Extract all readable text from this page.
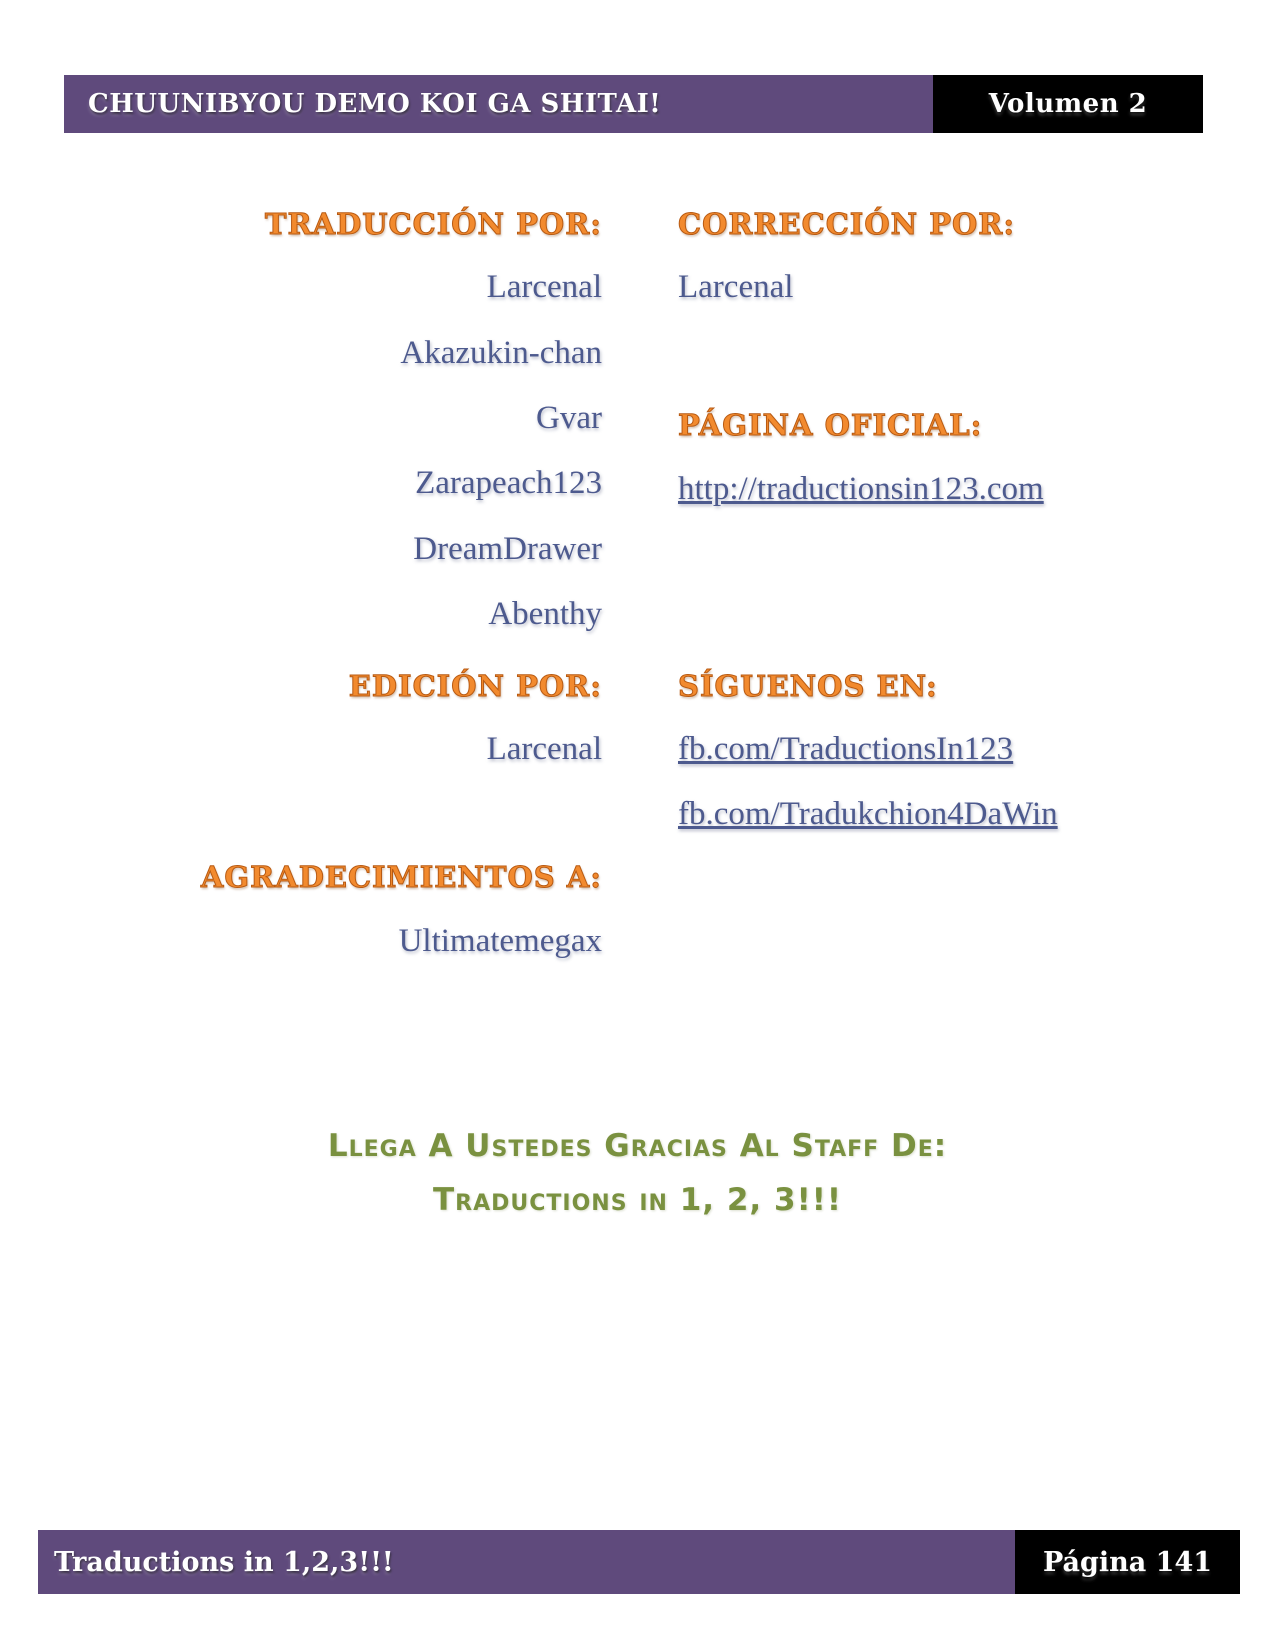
CHUUNIBYOU DEMO KOI GA SHITAI!	Volumen 2
TRADUCCIÓN POR:
Larcenal
Akazukin-chan
Gvar
Zarapeach123
DreamDrawer
Abenthy
EDICIÓN POR:
Larcenal
AGRADECIMIENTOS A:
Ultimatemegax
CORRECCIÓN POR:
Larcenal
PÁGINA OFICIAL:
http://traductionsin123.com
SÍGUENOS EN:
fb.com/TraductionsIn123
fb.com/Tradukchion4DaWin
Llega A Ustedes Gracias Al Staff De:
Traductions in 1, 2, 3!!!
Traductions in 1,2,3!!!	Página 141
